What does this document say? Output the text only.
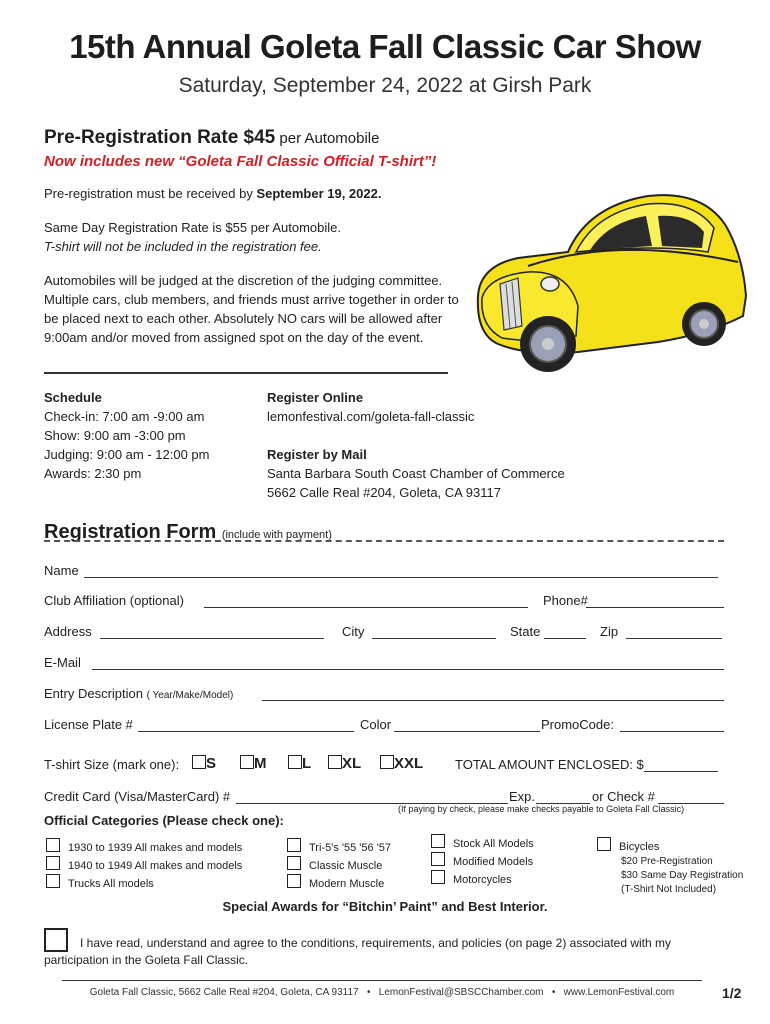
15th Annual Goleta Fall Classic Car Show
Saturday, September 24, 2022 at Girsh Park
Pre-Registration Rate $45 per Automobile
Now includes new “Goleta Fall Classic Official T-shirt”!
Pre-registration must be received by September 19, 2022.
Same Day Registration Rate is $55 per Automobile.
T-shirt will not be included in the registration fee.
Automobiles will be judged at the discretion of the judging committee. Multiple cars, club members, and friends must arrive together in order to be placed next to each other. Absolutely NO cars will be allowed after 9:00am and/or moved from assigned spot on the day of the event.
Schedule
Check-in: 7:00 am -9:00 am
Show: 9:00 am -3:00 pm
Judging: 9:00 am - 12:00 pm
Awards: 2:30 pm
Register Online
lemonfestival.com/goleta-fall-classic
Register by Mail
Santa Barbara South Coast Chamber of Commerce
5662 Calle Real #204, Goleta, CA 93117
Registration Form (include with payment)
Name
Club Affiliation (optional)	Phone#
Address	City	State	Zip
E-Mail
Entry Description ( Year/Make/Model)
License Plate #	Color	PromoCode:
T-shirt Size (mark one):	S	M	L	XL	XXL TOTAL AMOUNT ENCLOSED: $
Credit Card (Visa/MasterCard) #	Exp.	or Check #
(If paying by check, please make checks payable to Goleta Fall Classic)
Official Categories (Please check one):
1930 to 1939 All makes and models
1940 to 1949 All makes and models
Trucks All models
Tri-5's '55 '56 '57
Classic Muscle
Modern Muscle
Stock All Models
Modified Models
Motorcycles
Bicycles
$20 Pre-Registration
$30 Same Day Registration
(T-Shirt Not Included)
Special Awards for “Bitchin’ Paint” and Best Interior.
I have read, understand and agree to the conditions, requirements, and policies (on page 2) associated with my participation in the Goleta Fall Classic.
Goleta Fall Classic, 5662 Calle Real #204, Goleta, CA 93117 • LemonFestival@SBSCChamber.com • www.LemonFestival.com	1/2
